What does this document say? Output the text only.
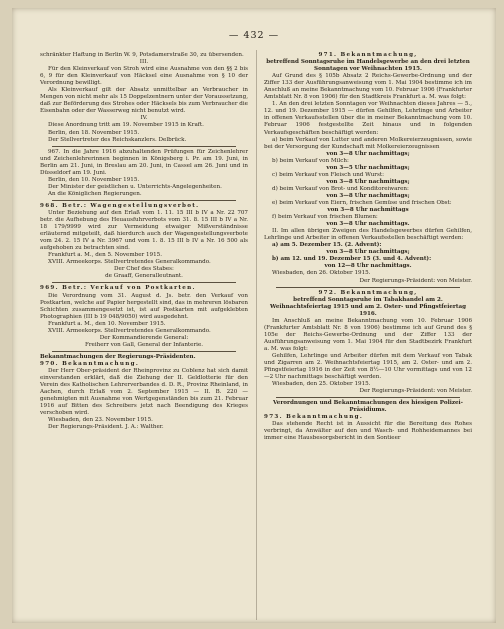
— 432 —

schränkter Haftung in Berlin W. 9, Potsdamerstraße 30, zu übersenden.

III.

Für den Kleinverkauf von Stroh wird eine Ausnahme von den §§ 2 bis 6, 9 für den Kleinverkauf von Häcksel eine Ausnahme von § 10 der Verordnung bewilligt.

Als Kleinverkauf gilt der Absatz unmittelbar an Verbraucher in Mengen von nicht mehr als 15 Doppelzentnern unter der Voraussetzung, daß zur Beförderung des Strohes oder Häcksels bis zum Verbraucher die Eisenbahn oder der Wasserweg nicht benutzt wird.

IV.

Diese Anordnung tritt am 19. November 1915 in Kraft.

Berlin, den 18. November 1915.

Der Stellvertreter des Reichskanzlers. Delbrück.

967. In die Jahre 1916 abzuhaltenden Prüfungen für Zeichenlehrer und Zeichenlehrerinnen beginnen in Königsberg i. Pr. am 19. Juni, in Berlin am 21. Juni, in Breslau am 20. Juni, in Cassel am 26. Juni und in Düsseldorf am 19. Juni.

Berlin, den 10. November 1915.

Der Minister der geistlichen u. Unterrichts-Angelegenheiten.

An die Königlichen Regierungen.

968. Betr.: Wagengestellungsverbot.

Unter Beziehung auf den Erlaß vom 1. 11. 15 III b IV a Nr. 22 707 betr. die Aufhebung des Heuausfuhrverbots vom 31. 8. 15 III b IV a Nr. 18 179/9999 wird zur Vermeidung etwaiger Mißverständnisse erläuternd mitgeteilt, daß hierdurch auch der Wagengestellungsverbote vom 24. 2. 15 IV a Nr. 3967 und vom 1. 8. 15 III b IV a Nr. 16 500 als aufgehoben zu betrachten sind.

Frankfurt a. M., den 5. November 1915.

XVIII. Armeekorps. Stellvertretendes Generalkommando.

Der Chef des Stabes:

de Graaff, Generalleutnant.

969. Betr.: Verkauf von Postkarten.

Die Verordnung vom 31. August d. Js. betr. den Verkauf von Postkarten, welche auf Papier hergestellt sind, das in mehreren lösbaren Schichten zusammengesetzt ist, ist auf Postkarten mit aufgeklebten Photographien (III b 19 048/9050) wird ausgedehnt.

Frankfurt a. M., den 10. November 1915.

XVIII. Armeekorps. Stellvertretendes Generalkommando.

Der Kommandierende General:

Freiherr von Gall, General der Infanterie.

Bekanntmachungen der Regierungs-Präsidenten.

970. Bekanntmachung.

Der Herr Ober-präsident der Rheinprovinz zu Coblenz hat sich damit einverstanden erklärt, daß die Ziehung der II. Geldlotterie für den Verein des Katholischen Lehrerverbandes d. D. R., Provinz Rheinland, in Aachen, durch Erlaß vom 2. September 1915 — II. B. 220 — genehmigten mit Ausnahme von Wertgegenständen bis zum 21. Februar 1916 auf Bitten des Schreibers jetzt nach Beendigung des Krieges verschoben wird.

Wiesbaden, den 23. November 1915.

Der Regierungs-Präsident. J. A.: Walther.

971. Bekanntmachung,

betreffend Sonntagsruhe im Handelsgewerbe an den drei letzten Sonntagen vor Weihnachten 1915.

Auf Grund des § 105b Absatz 2 Reichs-Gewerbe-Ordnung und der Ziffer 133 der Ausführungsanweisung vom 1. Mai 1904 bestimme ich im Anschluß an meine Bekanntmachung vom 10. Februar 1906 (Frankfurter Amtsblatt Nr. 8 von 1906) für den Stadtkreis Frankfurt a. M. was folgt:

1. An den drei letzten Sonntagen vor Weihnachten dieses Jahres — 5., 12. und 19. Dezember 1915 — dürfen Gehilfen, Lehrlinge und Arbeiter in offenen Verkaufsstellen über die in meiner Bekanntmachung vom 10. Februar 1906 festgestellte Zeit hinaus und in folgenden Verkaufsgeschäften beschäftigt werden:

a) beim Verkauf von Lutter und anderen Molkereierzeugnissen, sowie bei der Versorgung der Kundschaft mit Molkereierzeugnissen

von 3—8 Uhr nachmittags;

b) beim Verkauf von Milch:

von 3—5 Uhr nachmittags;

c) beim Verkauf von Fleisch und Wurst:

von 3—8 Uhr nachmittags;

d) beim Verkauf von Brot- und Konditoreiwaren:

von 3—8 Uhr nachmittags;

e) beim Verkauf von Eiern, frischen Gemüse und frischen Obst:

von 3—8 Uhr nachmittags

f) beim Verkauf von frischen Blumen:

von 3—8 Uhr nachmittags.

II. Im allen übrigen Zweigen des Handelsgewerbes dürfen Gehilfen, Lehrlinge und Arbeiter in offenen Verkaufsstellen beschäftigt werden:

a) am 5. Dezember 15. (2. Advent):

von 3—8 Uhr nachmittags;

b) am 12. und 19. Dezember 15 (3. und 4. Advent):

von 12—8 Uhr nachmittags.

Wiesbaden, den 26. Oktober 1915.

Der Regierungs-Präsident: von Meister.

972. Bekanntmachung,

betreffend Sonntagsruhe im Tabakhandel am 2. Weihnachtsfeiertag 1915 und am 2. Oster- und Pfingstfeiertag 1916.

Im Anschluß an meine Bekanntmachung vom 10. Februar 1906 (Frankfurter Amtsblatt Nr. 8 von 1906) bestimme ich auf Grund des § 105e der Reichs-Gewerbe-Ordnung und der Ziffer 133 der Ausführungsanweisung vom 1. Mai 1904 für den Stadtbezirk Frankfurt a. M. was folgt:

Gehilfen, Lehrlinge und Arbeiter dürfen mit dem Verkauf von Tabak und Zigarren am 2. Weihnachtsfeiertag 1915, am 2. Oster- und am 2. Pfingstfeiertag 1916 in der Zeit von 8½—10 Uhr vormittags und von 12—2 Uhr nachmittags beschäftigt werden.

Wiesbaden, den 25. Oktober 1915.

Der Regierungs-Präsident: von Meister.

Verordnungen und Bekanntmachungen des hiesigen Polizei-Präsidiums.

973. Bekanntmachung.

Das stehende Recht ist in Aussicht für die Bereitung des Rohes verbringt, da Anwälter auf den und Wasch- und Rohheidemannes bei immer eine Hausbesorgsbericht in den Sontieer
